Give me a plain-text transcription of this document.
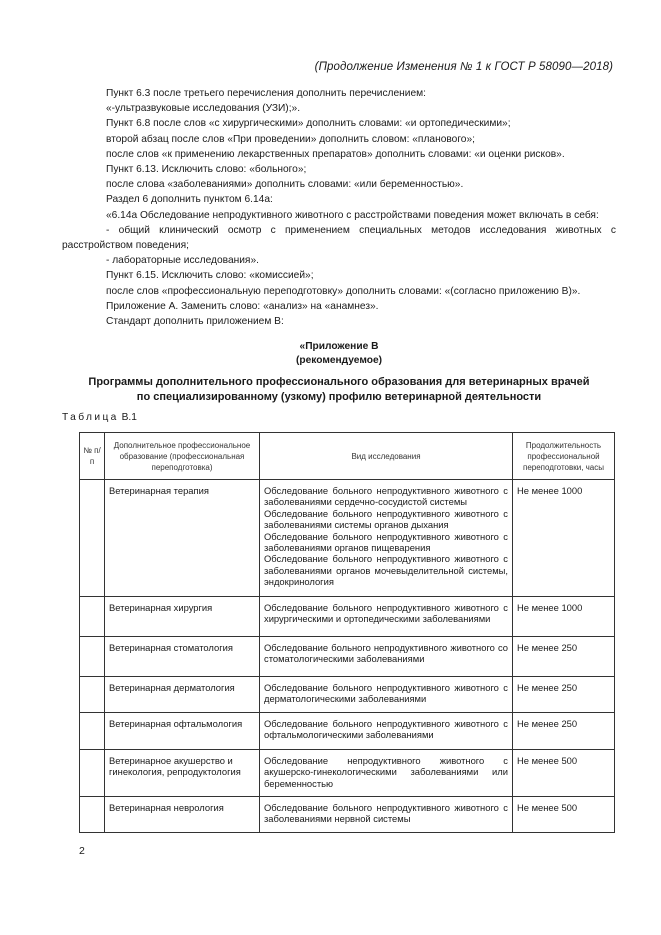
(Продолжение Изменения № 1 к ГОСТ Р 58090—2018)

Пункт 6.3 после третьего перечисления дополнить перечислением:

«-ультразвуковые исследования (УЗИ);».

Пункт 6.8 после слов «с хирургическими» дополнить словами: «и ортопедическими»;

второй абзац после слов «При проведении» дополнить словом: «планового»;

после слов «к применению лекарственных препаратов» дополнить словами: «и оценки рисков».

Пункт 6.13. Исключить слово: «больного»;

после слова «заболеваниями» дополнить словами: «или беременностью».

Раздел 6 дополнить пунктом 6.14а:

«6.14а Обследование непродуктивного животного с расстройствами поведения может включать в себя:

- общий клинический осмотр с применением специальных методов исследования животных с расстройством поведения;

- лабораторные исследования».

Пункт 6.15. Исключить слово: «комиссией»;

после слов «профессиональную переподготовку» дополнить словами: «(согласно приложению В)».

Приложение А. Заменить слово: «анализ» на «анамнез».

Стандарт дополнить приложением В:

«Приложение В
(рекомендуемое)
Программы дополнительного профессионального образования для ветеринарных врачей
по специализированному (узкому) профилю ветеринарной деятельности
Таблица В.1
№ п/п	Дополнительное профессиональное образование (профессиональная переподготовка)	Вид исследования	Продолжительность профессиональной переподготовки, часы
	Ветеринарная терапия	Обследование больного непродуктивного животного с заболеваниями сердечно-сосудистой системы
Обследование больного непродуктивного животного с заболеваниями системы органов дыхания
Обследование больного непродуктивного животного с заболеваниями органов пищеварения
Обследование больного непродуктивного животного с заболеваниями органов мочевыделительной системы, эндокринология	Не менее 1000
	Ветеринарная хирургия	Обследование больного непродуктивного животного с хирургическими и ортопедическими заболеваниями	Не менее 1000
	Ветеринарная стоматология	Обследование больного непродуктивного животного со стоматологическими заболеваниями	Не менее 250
	Ветеринарная дерматология	Обследование больного непродуктивного животного с дерматологическими заболеваниями	Не менее 250
	Ветеринарная офтальмология	Обследование больного непродуктивного животного с офтальмологическими заболеваниями	Не менее 250
	Ветеринарное акушерство и гинекология, репродуктология	Обследование непродуктивного животного с акушерско-гинекологическими заболеваниями или беременностью	Не менее 500
	Ветеринарная неврология	Обследование больного непродуктивного животного с заболеваниями нервной системы	Не менее 500
2
